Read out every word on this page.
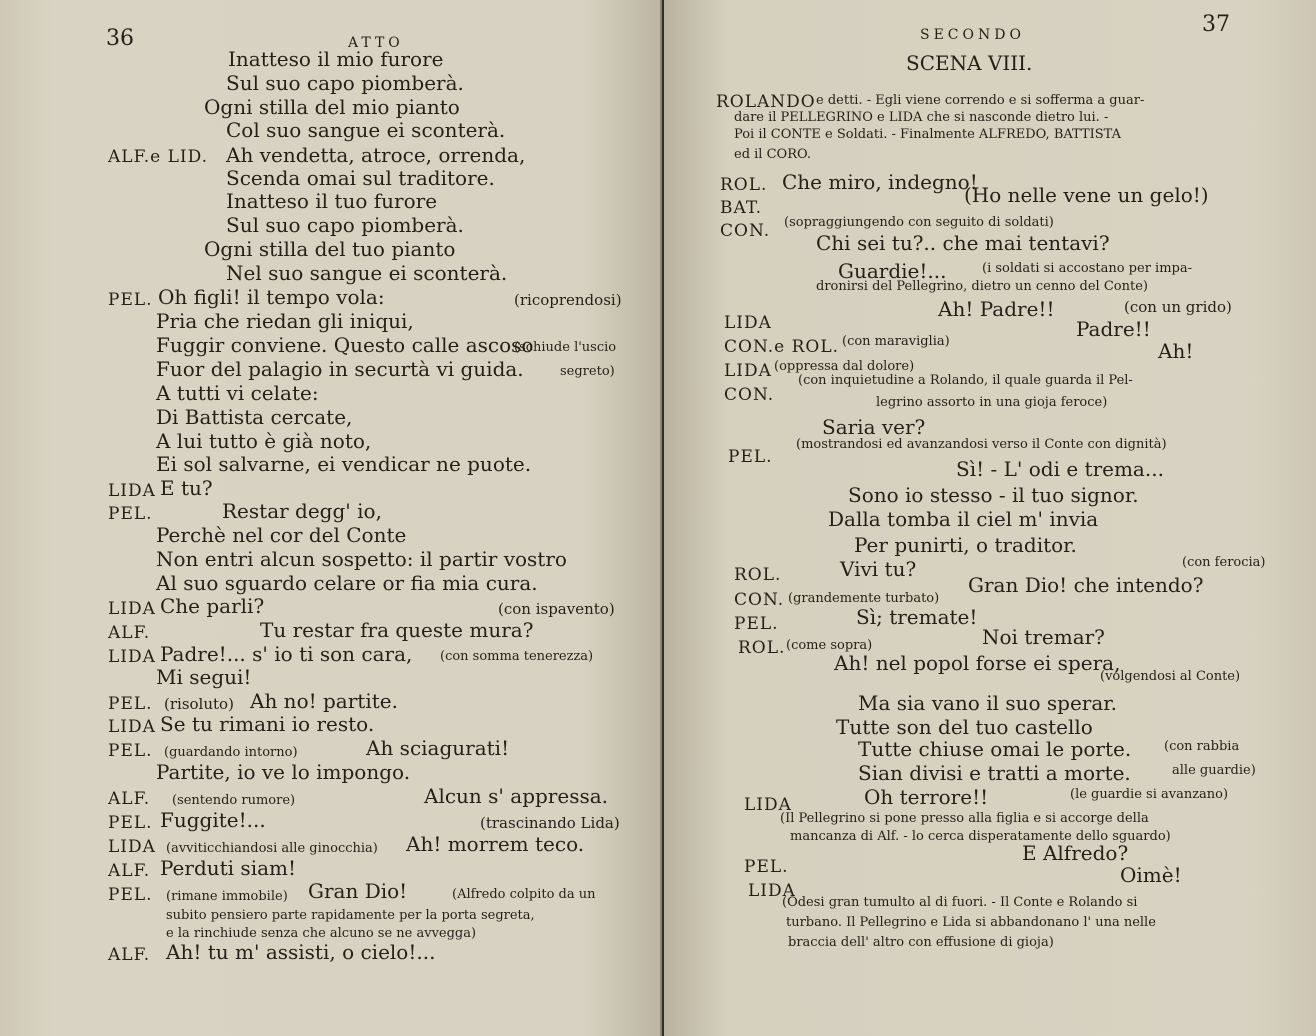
36	ATTO
Inatteso il mio furore
Sul suo capo piomberà.
Ogni stilla del mio pianto
Col suo sangue ei sconterà.
ALF.e LID. Ah vendetta, atroce, orrenda,
Scenda omai sul traditore.
Inatteso il tuo furore
Sul suo capo piomberà.
Ogni stilla del tuo pianto
Nel suo sangue ei sconterà.
PEL. Oh figli! il tempo vola:	(ricoprendosi)
Pria che riedan gli iniqui,
Fuggir conviene. Questo calle ascoso
(schiude l'uscio
Fuor del palagio in securtà vi guida.	segreto)
A tutti vi celate:
Di Battista cercate,
A lui tutto è già noto,
Ei sol salvarne, ei vendicar ne puote.
LIDA E tu?
PEL.	Restar degg' io,
Perchè nel cor del Conte
Non entri alcun sospetto: il partir vostro
Al suo sguardo celare or fia mia cura.
LIDA Che parli?	(con ispavento)
ALF.	Tu restar fra queste mura?
LIDA Padre!... s' io ti son cara, (con somma tenerezza)
Mi segui!
PEL. (risoluto) Ah no! partite.
LIDA Se tu rimani io resto.
PEL. (guardando intorno)	Ah sciagurati!
Partite, io ve lo impongo.
ALF. (sentendo rumore)	Alcun s' appressa.
PEL. Fuggite!...	(trascinando Lida)
LIDA (avviticchiandosi alle ginocchia) Ah! morrem teco.
ALF. Perduti siam!
PEL. (rimane immobile) Gran Dio!	(Alfredo colpito da un
subito pensiero parte rapidamente per la porta segreta,
e la rinchiude senza che alcuno se ne avvegga)
ALF. Ah! tu m' assisti, o cielo!...
SECONDO	37
SCENA VIII.
ROLANDO e detti. - Egli viene correndo e si sofferma a guar-
dare il PELLEGRINO e LIDA che si nasconde dietro lui. -
Poi il CONTE e Soldati. - Finalmente ALFREDO, BATTISTA
ed il CORO.
ROL. Che miro, indegno!
BAT.
(Ho nelle vene un gelo!)
CON. (sopraggiungendo con seguito di soldati)
Chi sei tu?.. che mai tentavi?
Guardie!...	(i soldati si accostano per impa-
dronirsi del Pellegrino, dietro un cenno del Conte)
LIDA
Ah! Padre!!	(con un grido)
CON.e ROL. (con maraviglia)
Padre!!
LIDA (oppressa dal dolore)
Ah!
CON.
(con inquietudine a Rolando, il quale guarda il Pel-
legrino assorto in una gioja feroce)
Saria ver?
PEL.
(mostrandosi ed avanzandosi verso il Conte con dignità)
Sì! - L' odi e trema...
Sono io stesso - il tuo signor.
Dalla tomba il ciel m' invia
Per punirti, o traditor.
ROL.	Vivi tu?	(con ferocia)
CON. (grandemente turbato)
Gran Dio! che intendo?
PEL.	Sì; tremate!
ROL. (come sopra)	Noi tremar?
Ah! nel popol forse ei spera,
(volgendosi al Conte)
Ma sia vano il suo sperar.
Tutte son del tuo castello
Tutte chiuse omai le porte.	(con rabbia
Sian divisi e tratti a morte.	alle guardie)
LIDA	Oh terrore!!	(le guardie si avanzano)
(Il Pellegrino si pone presso alla figlia e si accorge della
mancanza di Alf. - lo cerca disperatamente dello sguardo)
PEL.
E Alfredo?
LIDA
Oimè!
(Odesi gran tumulto al di fuori. - Il Conte e Rolando si
turbano. Il Pellegrino e Lida si abbandonano l' una nelle
braccia dell' altro con effusione di gioja)
